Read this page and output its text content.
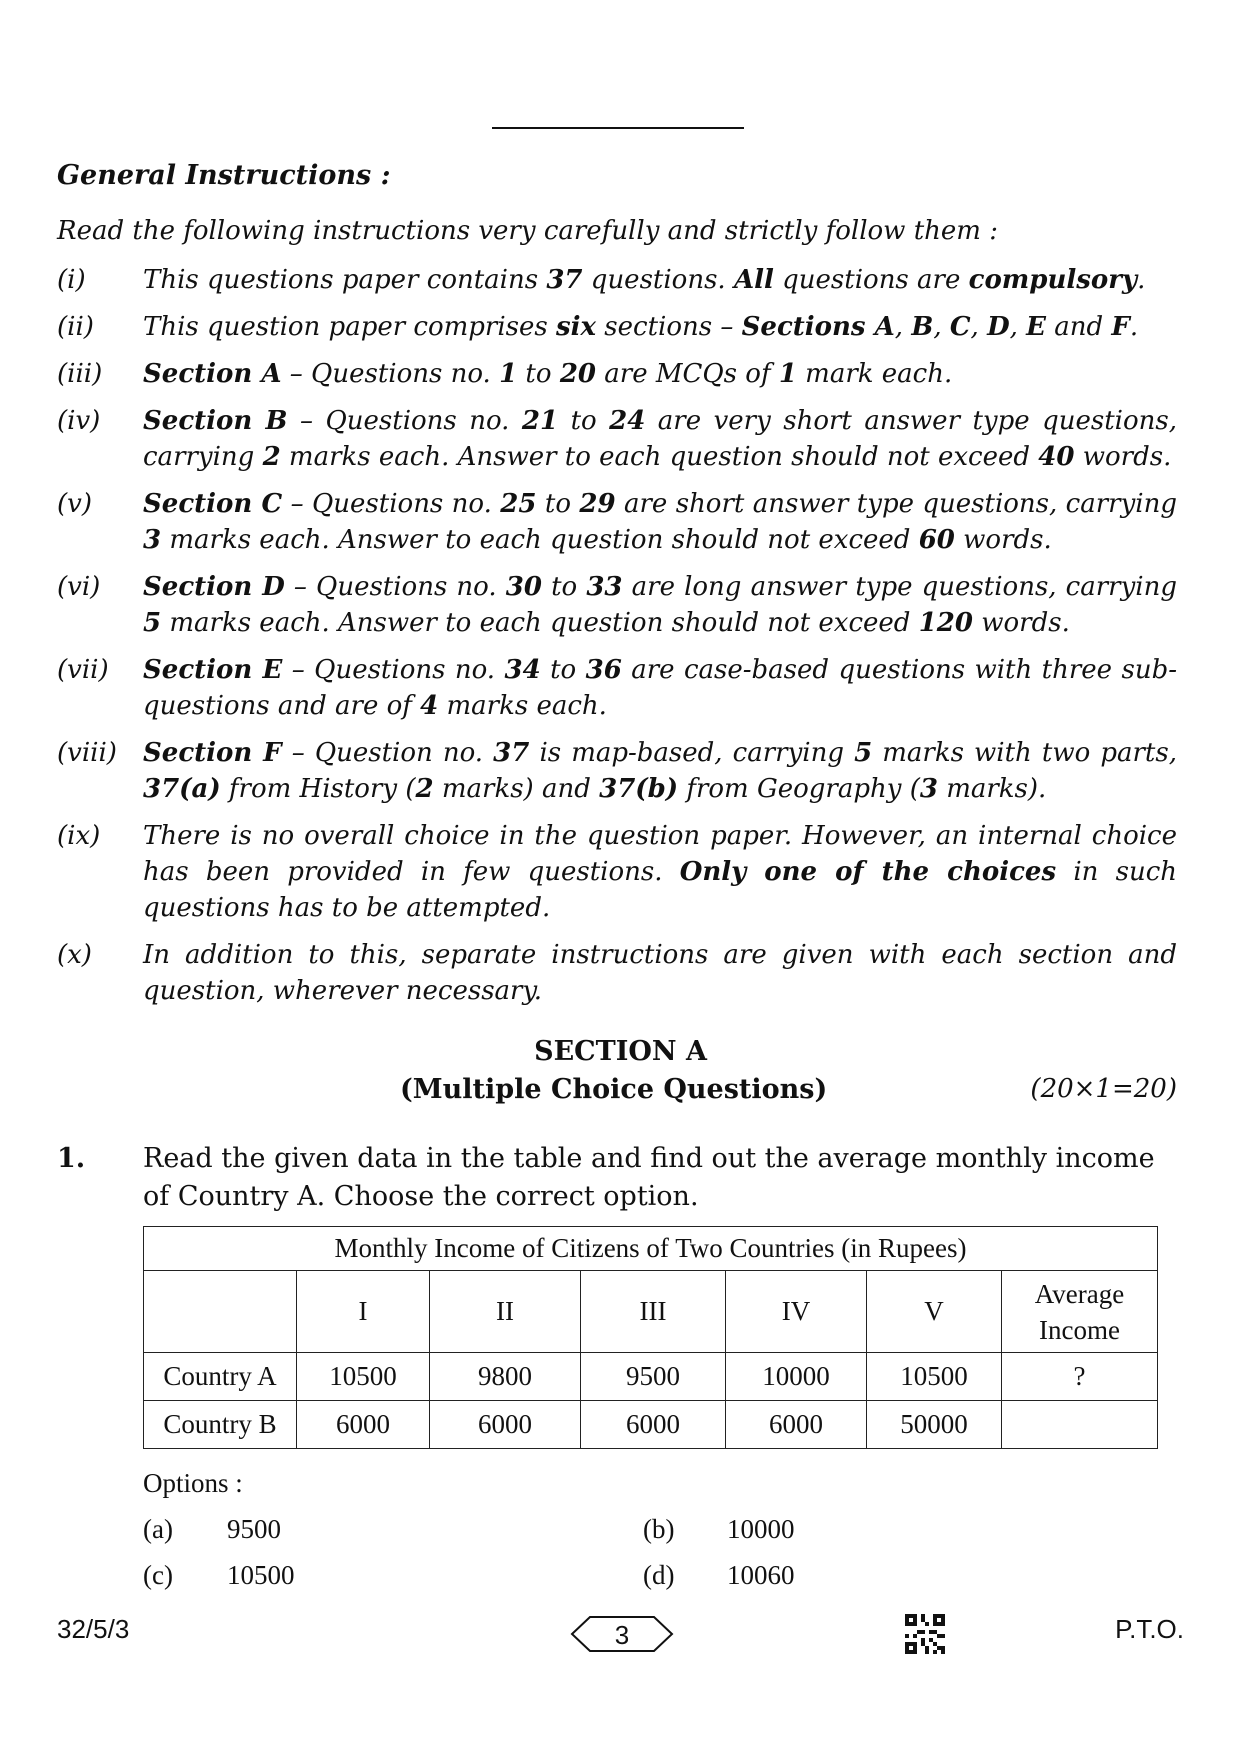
General Instructions :
Read the following instructions very carefully and strictly follow them :
(i)	This questions paper contains 37 questions. All questions are compulsory.
(ii)	This question paper comprises six sections – Sections A, B, C, D, E and F.
(iii)	Section A – Questions no. 1 to 20 are MCQs of 1 mark each.
(iv)	Section B – Questions no. 21 to 24 are very short answer type questions, carrying 2 marks each. Answer to each question should not exceed 40 words.
(v)	Section C – Questions no. 25 to 29 are short answer type questions, carrying 3 marks each. Answer to each question should not exceed 60 words.
(vi)	Section D – Questions no. 30 to 33 are long answer type questions, carrying 5 marks each. Answer to each question should not exceed 120 words.
(vii)	Section E – Questions no. 34 to 36 are case-based questions with three sub-questions and are of 4 marks each.
(viii)	Section F – Question no. 37 is map-based, carrying 5 marks with two parts, 37(a) from History (2 marks) and 37(b) from Geography (3 marks).
(ix)	There is no overall choice in the question paper. However, an internal choice has been provided in few questions. Only one of the choices in such questions has to be attempted.
(x)	In addition to this, separate instructions are given with each section and question, wherever necessary.
SECTION A
(Multiple Choice Questions)	(20×1=20)
1. Read the given data in the table and find out the average monthly income of Country A. Choose the correct option.
Monthly Income of Citizens of Two Countries (in Rupees)						
	I	II	III	IV	V	Average Income
Country A	10500	9800	9500	10000	10500	?
Country B	6000	6000	6000	6000	50000	
Options :
(a) 9500	(b) 10000
(c) 10500	(d) 10060
32/5/3	3	P.T.O.
